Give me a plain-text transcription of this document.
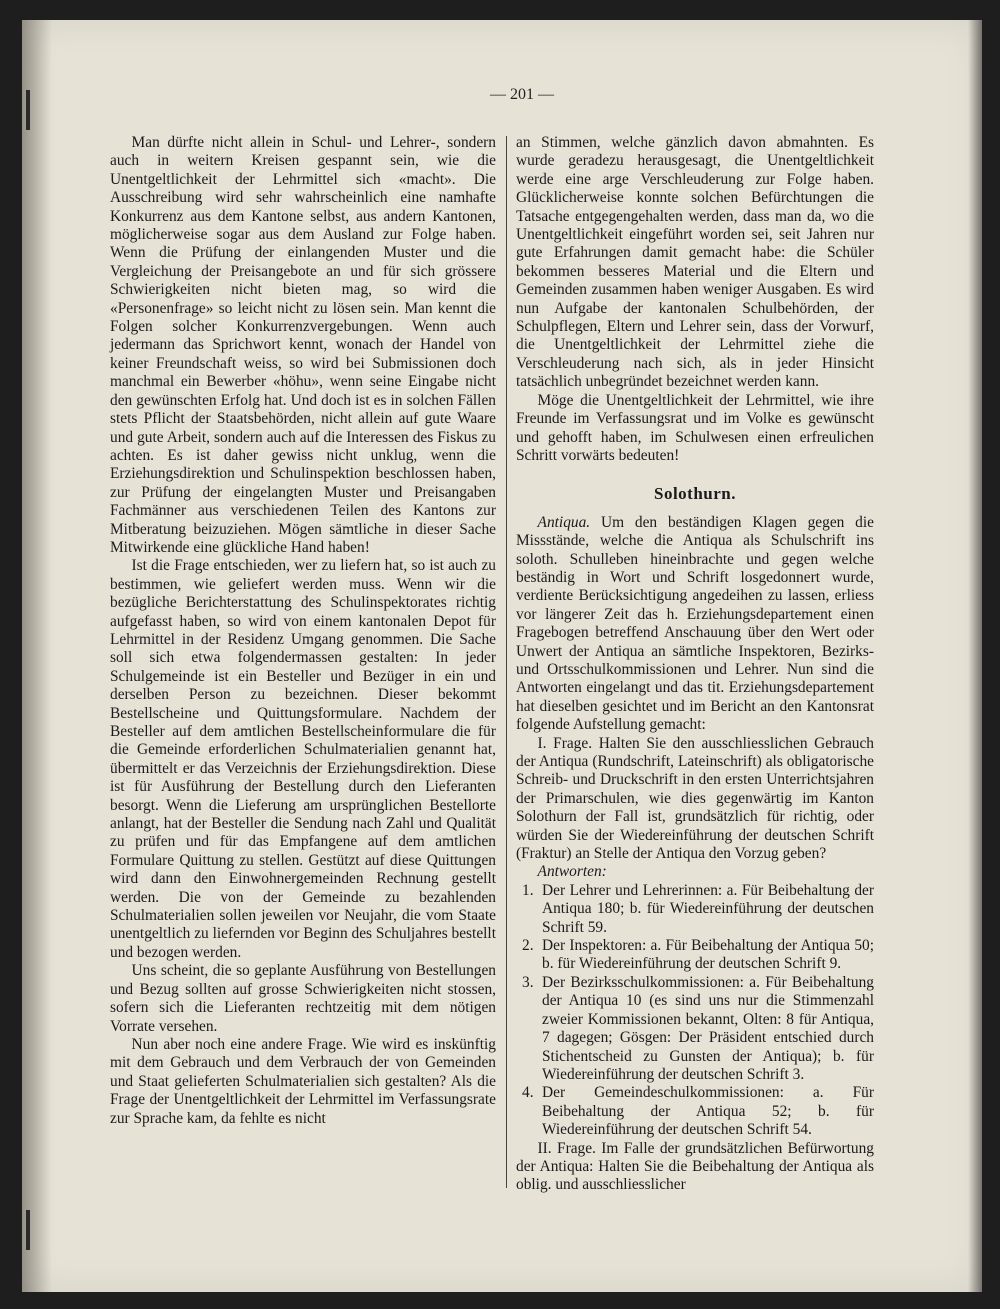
— 201 —

Man dürfte nicht allein in Schul- und Lehrer-, sondern auch in weitern Kreisen gespannt sein, wie die Unentgeltlichkeit der Lehrmittel sich «macht». Die Ausschreibung wird sehr wahrscheinlich eine namhafte Konkurrenz aus dem Kantone selbst, aus andern Kantonen, möglicherweise sogar aus dem Ausland zur Folge haben. Wenn die Prüfung der einlangenden Muster und die Vergleichung der Preisangebote an und für sich grössere Schwierigkeiten nicht bieten mag, so wird die «Personenfrage» so leicht nicht zu lösen sein. Man kennt die Folgen solcher Konkurrenzvergebungen. Wenn auch jedermann das Sprichwort kennt, wonach der Handel von keiner Freundschaft weiss, so wird bei Submissionen doch manchmal ein Bewerber «höhu», wenn seine Eingabe nicht den gewünschten Erfolg hat. Und doch ist es in solchen Fällen stets Pflicht der Staatsbehörden, nicht allein auf gute Waare und gute Arbeit, sondern auch auf die Interessen des Fiskus zu achten. Es ist daher gewiss nicht unklug, wenn die Erziehungsdirektion und Schulinspektion beschlossen haben, zur Prüfung der eingelangten Muster und Preisangaben Fachmänner aus verschiedenen Teilen des Kantons zur Mitberatung beizuziehen. Mögen sämtliche in dieser Sache Mitwirkende eine glückliche Hand haben!

Ist die Frage entschieden, wer zu liefern hat, so ist auch zu bestimmen, wie geliefert werden muss. Wenn wir die bezügliche Berichterstattung des Schulinspektorates richtig aufgefasst haben, so wird von einem kantonalen Depot für Lehrmittel in der Residenz Umgang genommen. Die Sache soll sich etwa folgendermassen gestalten: In jeder Schulgemeinde ist ein Besteller und Bezüger in ein und derselben Person zu bezeichnen. Dieser bekommt Bestellscheine und Quittungsformulare. Nachdem der Besteller auf dem amtlichen Bestellscheinformulare die für die Gemeinde erforderlichen Schulmaterialien genannt hat, übermittelt er das Verzeichnis der Erziehungsdirektion. Diese ist für Ausführung der Bestellung durch den Lieferanten besorgt. Wenn die Lieferung am ursprünglichen Bestellorte anlangt, hat der Besteller die Sendung nach Zahl und Qualität zu prüfen und für das Empfangene auf dem amtlichen Formulare Quittung zu stellen. Gestützt auf diese Quittungen wird dann den Einwohnergemeinden Rechnung gestellt werden. Die von der Gemeinde zu bezahlenden Schulmaterialien sollen jeweilen vor Neujahr, die vom Staate unentgeltlich zu liefernden vor Beginn des Schuljahres bestellt und bezogen werden.

Uns scheint, die so geplante Ausführung von Bestellungen und Bezug sollten auf grosse Schwierigkeiten nicht stossen, sofern sich die Lieferanten rechtzeitig mit dem nötigen Vorrate versehen.

Nun aber noch eine andere Frage. Wie wird es inskünftig mit dem Gebrauch und dem Verbrauch der von Gemeinden und Staat gelieferten Schulmaterialien sich gestalten? Als die Frage der Unentgeltlichkeit der Lehrmittel im Verfassungsrate zur Sprache kam, da fehlte es nicht

an Stimmen, welche gänzlich davon abmahnten. Es wurde geradezu herausgesagt, die Unentgeltlichkeit werde eine arge Verschleuderung zur Folge haben. Glücklicherweise konnte solchen Befürchtungen die Tatsache entgegengehalten werden, dass man da, wo die Unentgeltlichkeit eingeführt worden sei, seit Jahren nur gute Erfahrungen damit gemacht habe: die Schüler bekommen besseres Material und die Eltern und Gemeinden zusammen haben weniger Ausgaben. Es wird nun Aufgabe der kantonalen Schulbehörden, der Schulpflegen, Eltern und Lehrer sein, dass der Vorwurf, die Unentgeltlichkeit der Lehrmittel ziehe die Verschleuderung nach sich, als in jeder Hinsicht tatsächlich unbegründet bezeichnet werden kann.

Möge die Unentgeltlichkeit der Lehrmittel, wie ihre Freunde im Verfassungsrat und im Volke es gewünscht und gehofft haben, im Schulwesen einen erfreulichen Schritt vorwärts bedeuten!

Solothurn.

Antiqua. Um den beständigen Klagen gegen die Missstände, welche die Antiqua als Schulschrift ins soloth. Schulleben hineinbrachte und gegen welche beständig in Wort und Schrift losgedonnert wurde, verdiente Berücksichtigung angedeihen zu lassen, erliess vor längerer Zeit das h. Erziehungsdepartement einen Fragebogen betreffend Anschauung über den Wert oder Unwert der Antiqua an sämtliche Inspektoren, Bezirks- und Ortsschulkommissionen und Lehrer. Nun sind die Antworten eingelangt und das tit. Erziehungsdepartement hat dieselben gesichtet und im Bericht an den Kantonsrat folgende Aufstellung gemacht:

I. Frage. Halten Sie den ausschliesslichen Gebrauch der Antiqua (Rundschrift, Lateinschrift) als obligatorische Schreib- und Druckschrift in den ersten Unterrichtsjahren der Primarschulen, wie dies gegenwärtig im Kanton Solothurn der Fall ist, grundsätzlich für richtig, oder würden Sie der Wiedereinführung der deutschen Schrift (Fraktur) an Stelle der Antiqua den Vorzug geben?

Antworten:

1. Der Lehrer und Lehrerinnen: a. Für Beibehaltung der Antiqua 180; b. für Wiedereinführung der deutschen Schrift 59.
2. Der Inspektoren: a. Für Beibehaltung der Antiqua 50; b. für Wiedereinführung der deutschen Schrift 9.
3. Der Bezirksschulkommissionen: a. Für Beibehaltung der Antiqua 10 (es sind uns nur die Stimmenzahl zweier Kommissionen bekannt, Olten: 8 für Antiqua, 7 dagegen; Gösgen: Der Präsident entschied durch Stichentscheid zu Gunsten der Antiqua); b. für Wiedereinführung der deutschen Schrift 3.
4. Der Gemeindeschulkommissionen: a. Für Beibehaltung der Antiqua 52; b. für Wiedereinführung der deutschen Schrift 54.

II. Frage. Im Falle der grundsätzlichen Befürwortung der Antiqua: Halten Sie die Beibehaltung der Antiqua als oblig. und ausschliesslicher
